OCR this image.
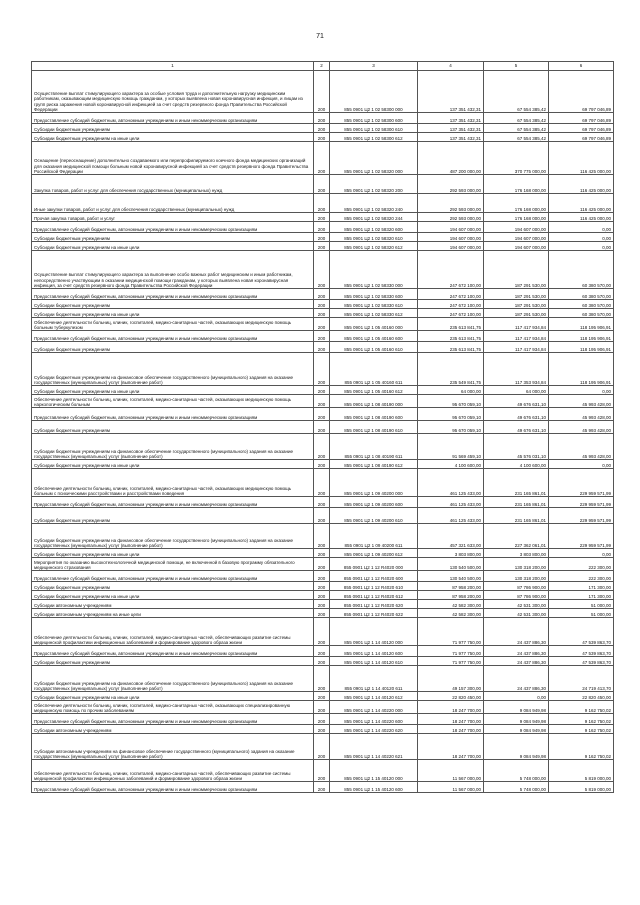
71
1	2	3	4	5	6
Осуществление выплат стимулирующего характера за особые условия труда и дополнительную нагрузку медицинским работникам, оказывающим медицинскую помощь гражданам, у которых выявлена новая коронавирусная инфекция, и лицам из групп риска заражения новой коронавирусной инфекцией за счет средств резервного фонда Правительства Российской Федерации	200	855 0901 Ц2 1 02 58300 000	137 351 432,31	67 554 385,42	69 797 046,89
Предоставление субсидий бюджетным, автономным учреждениям и иным некоммерческим организациям	200	855 0901 Ц2 1 02 58300 600	137 351 432,31	67 554 385,42	69 797 046,89
Субсидии бюджетным учреждениям	200	855 0901 Ц2 1 02 58300 610	137 351 432,31	67 554 385,42	69 797 046,89
Субсидии бюджетным учреждениям на иные цели	200	855 0901 Ц2 1 02 58300 612	137 351 432,31	67 554 385,42	69 797 046,89
Оснащение (переоснащение) дополнительно создаваемого или перепрофилируемого коечного фонда медицинских организаций для оказания медицинской помощи больным новой коронавирусной инфекцией за счет средств резервного фонда Правительства Российской Федерации	200	855 0901 Ц2 1 02 58320 000	487 200 000,00	370 775 000,00	116 425 000,00
Закупка товаров, работ и услуг для обеспечения государственных (муниципальных) нужд	200	855 0901 Ц2 1 02 58320 200	292 593 000,00	176 168 000,00	116 425 000,00
Иные закупки товаров, работ и услуг для обеспечения государственных (муниципальных) нужд	200	855 0901 Ц2 1 02 58320 240	292 593 000,00	176 168 000,00	116 425 000,00
Прочая закупка товаров, работ и услуг	200	855 0901 Ц2 1 02 58320 244	292 593 000,00	176 168 000,00	116 425 000,00
Предоставление субсидий бюджетным, автономным учреждениям и иным некоммерческим организациям	200	855 0901 Ц2 1 02 58320 600	194 607 000,00	194 607 000,00	0,00
Субсидии бюджетным учреждениям	200	855 0901 Ц2 1 02 58320 610	194 607 000,00	194 607 000,00	0,00
Субсидии бюджетным учреждениям на иные цели	200	855 0901 Ц2 1 02 58320 612	194 607 000,00	194 607 000,00	0,00
Осуществление выплат стимулирующего характера за выполнение особо важных работ медицинским и иным работникам, непосредственно участвующим в оказании медицинской помощи гражданам, у которых выявлена новая коронавирусная инфекция, за счет средств резервного фонда Правительства Российской Федерации	200	855 0901 Ц2 1 02 58330 000	247 672 100,00	187 291 530,00	60 380 570,00
Предоставление субсидий бюджетным, автономным учреждениям и иным некоммерческим организациям	200	855 0901 Ц2 1 02 58330 600	247 672 100,00	187 291 530,00	60 380 570,00
Субсидии бюджетным учреждениям	200	855 0901 Ц2 1 02 58330 610	247 672 100,00	187 291 530,00	60 380 570,00
Субсидии бюджетным учреждениям на иные цели	200	855 0901 Ц2 1 02 58330 612	247 672 100,00	187 291 530,00	60 380 570,00
Обеспечение деятельности больниц, клиник, госпиталей, медико-санитарных частей, оказывающих медицинскую помощь больным туберкулезом	200	855 0901 Ц2 1 05 40160 000	235 613 841,75	117 417 934,84	118 195 906,91
Предоставление субсидий бюджетным, автономным учреждениям и иным некоммерческим организациям	200	855 0901 Ц2 1 05 40160 600	235 613 841,75	117 417 934,84	118 195 906,91
Субсидии бюджетным учреждениям	200	855 0901 Ц2 1 05 40160 610	235 613 841,75	117 417 934,84	118 195 906,91
Субсидии бюджетным учреждениям на финансовое обеспечение государственного (муниципального) задания на оказание государственных (муниципальных) услуг (выполнение работ)	200	855 0901 Ц2 1 05 40160 611	235 549 841,75	117 353 934,84	118 195 906,91
Субсидии бюджетным учреждениям на иные цели	200	855 0901 Ц2 1 05 40160 612	64 000,00	64 000,00	0,00
Обеспечение деятельности больниц, клиник, госпиталей, медико-санитарных частей, оказывающих медицинскую помощь наркологическим больным	200	855 0901 Ц2 1 08 40190 000	95 670 059,10	49 676 631,10	45 993 428,00
Предоставление субсидий бюджетным, автономным учреждениям и иным некоммерческим организациям	200	855 0901 Ц2 1 08 40190 600	95 670 059,10	49 676 631,10	45 993 428,00
Субсидии бюджетным учреждениям	200	855 0901 Ц2 1 08 40190 610	95 670 059,10	49 676 631,10	45 993 428,00
Субсидии бюджетным учреждениям на финансовое обеспечение государственного (муниципального) задания на оказание государственных (муниципальных) услуг (выполнение работ)	200	855 0901 Ц2 1 08 40190 611	91 569 459,10	45 576 031,10	45 993 428,00
Субсидии бюджетным учреждениям на иные цели	200	855 0901 Ц2 1 08 40190 612	4 100 600,00	4 100 600,00	0,00
Обеспечение деятельности больниц, клиник, госпиталей, медико-санитарных частей, оказывающих медицинскую помощь больным с психическими расстройствами и расстройствами поведения	200	855 0901 Ц2 1 09 40200 000	461 125 433,00	231 165 861,01	229 959 571,99
Предоставление субсидий бюджетным, автономным учреждениям и иным некоммерческим организациям	200	855 0901 Ц2 1 09 40200 600	461 125 433,00	231 165 861,01	229 959 571,99
Субсидии бюджетным учреждениям	200	855 0901 Ц2 1 09 40200 610	461 125 433,00	231 165 861,01	229 959 571,99
Субсидии бюджетным учреждениям на финансовое обеспечение государственного (муниципального) задания на оказание государственных (муниципальных) услуг (выполнение работ)	200	855 0901 Ц2 1 09 40200 611	457 321 633,00	227 362 061,01	229 959 571,99
Субсидии бюджетным учреждениям на иные цели	200	855 0901 Ц2 1 09 40200 612	3 803 800,00	3 803 800,00	0,00
Мероприятия по оказанию высокотехнологичной медицинской помощи, не включенной в базовую программу обязательного медицинского страхования	200	855 0901 Ц2 1 12 R4020 000	130 540 500,00	130 318 200,00	222 300,00
Предоставление субсидий бюджетным, автономным учреждениям и иным некоммерческим организациям	200	855 0901 Ц2 1 12 R4020 600	130 540 500,00	130 318 200,00	222 300,00
Субсидии бюджетным учреждениям	200	855 0901 Ц2 1 12 R4020 610	87 958 200,00	87 786 900,00	171 300,00
Субсидии бюджетным учреждениям на иные цели	200	855 0901 Ц2 1 12 R4020 612	87 958 200,00	87 786 900,00	171 300,00
Субсидии автономным учреждениям	200	855 0901 Ц2 1 12 R4020 620	42 582 300,00	42 531 300,00	51 000,00
Субсидии автономным учреждениям на иные цели	200	855 0901 Ц2 1 12 R4020 622	42 582 300,00	42 531 300,00	51 000,00
Обеспечение деятельности больниц, клиник, госпиталей, медико-санитарных частей, обеспечивающих развитие системы медицинской профилактики инфекционных заболеваний и формирование здорового образа жизни	200	855 0901 Ц2 1 14 40120 000	71 977 750,00	24 437 886,30	47 539 863,70
Предоставление субсидий бюджетным, автономным учреждениям и иным некоммерческим организациям	200	855 0901 Ц2 1 14 40120 600	71 977 750,00	24 437 886,30	47 539 863,70
Субсидии бюджетным учреждениям	200	855 0901 Ц2 1 14 40120 610	71 977 750,00	24 437 886,30	47 539 863,70
Субсидии бюджетным учреждениям на финансовое обеспечение государственного (муниципального) задания на оказание государственных (муниципальных) услуг (выполнение работ)	200	855 0901 Ц2 1 14 40120 611	49 157 300,00	24 437 886,30	24 719 413,70
Субсидии бюджетным учреждениям на иные цели	200	855 0901 Ц2 1 14 40120 612	22 820 450,00	0,00	22 820 450,00
Обеспечение деятельности больниц, клиник, госпиталей, медико-санитарных частей, оказывающих специализированную медицинскую помощь по прочим заболеваниям	200	855 0901 Ц2 1 14 40220 000	18 247 700,00	9 084 949,98	9 162 750,02
Предоставление субсидий бюджетным, автономным учреждениям и иным некоммерческим организациям	200	855 0901 Ц2 1 14 40220 600	18 247 700,00	9 084 949,98	9 162 750,02
Субсидии автономным учреждениям	200	855 0901 Ц2 1 14 40220 620	18 247 700,00	9 084 949,98	9 162 750,02
Субсидии автономным учреждениям на финансовое обеспечение государственного (муниципального) задания на оказание государственных (муниципальных) услуг (выполнение работ)	200	855 0901 Ц2 1 14 40220 621	18 247 700,00	9 084 949,98	9 162 750,02
Обеспечение деятельности больниц, клиник, госпиталей, медико-санитарных частей, обеспечивающих развитие системы медицинской профилактики инфекционных заболеваний и формирование здорового образа жизни	200	855 0901 Ц2 1 15 40120 000	11 567 000,00	5 748 000,00	5 819 000,00
Предоставление субсидий бюджетным, автономным учреждениям и иным некоммерческим организациям	200	855 0901 Ц2 1 15 40120 600	11 567 000,00	5 748 000,00	5 819 000,00
